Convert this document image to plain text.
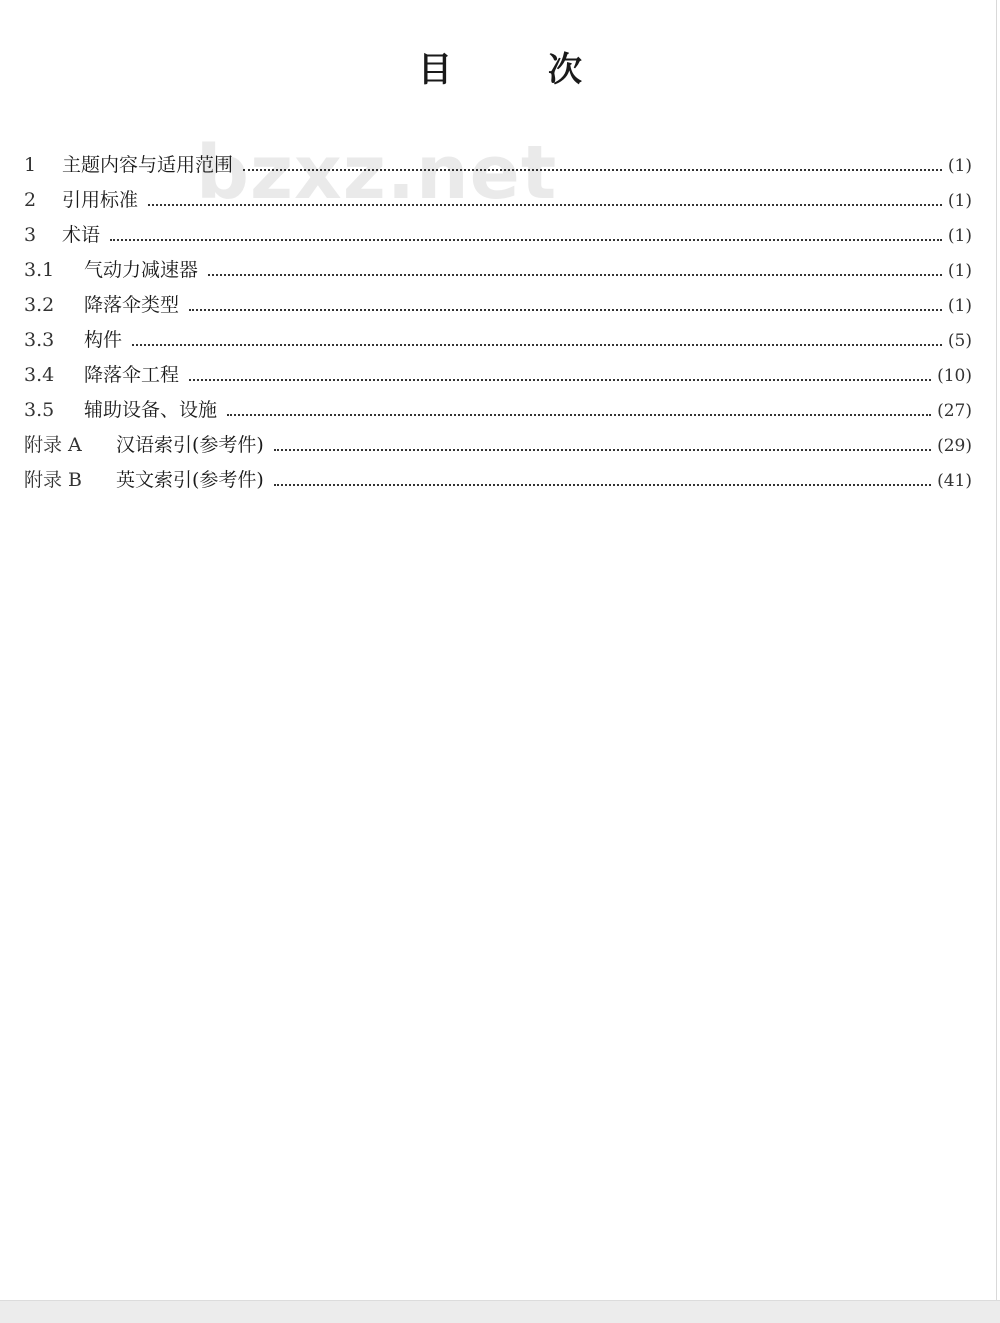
目	次
bzxz.net
1	主题内容与适用范围	(1)
2	引用标准	(1)
3	术语	(1)
3.1	气动力减速器	(1)
3.2	降落伞类型	(1)
3.3	构件	(5)
3.4	降落伞工程	(10)
3.5	辅助设备、设施	(27)
附录 A	汉语索引(参考件)	(29)
附录 B	英文索引(参考件)	(41)
